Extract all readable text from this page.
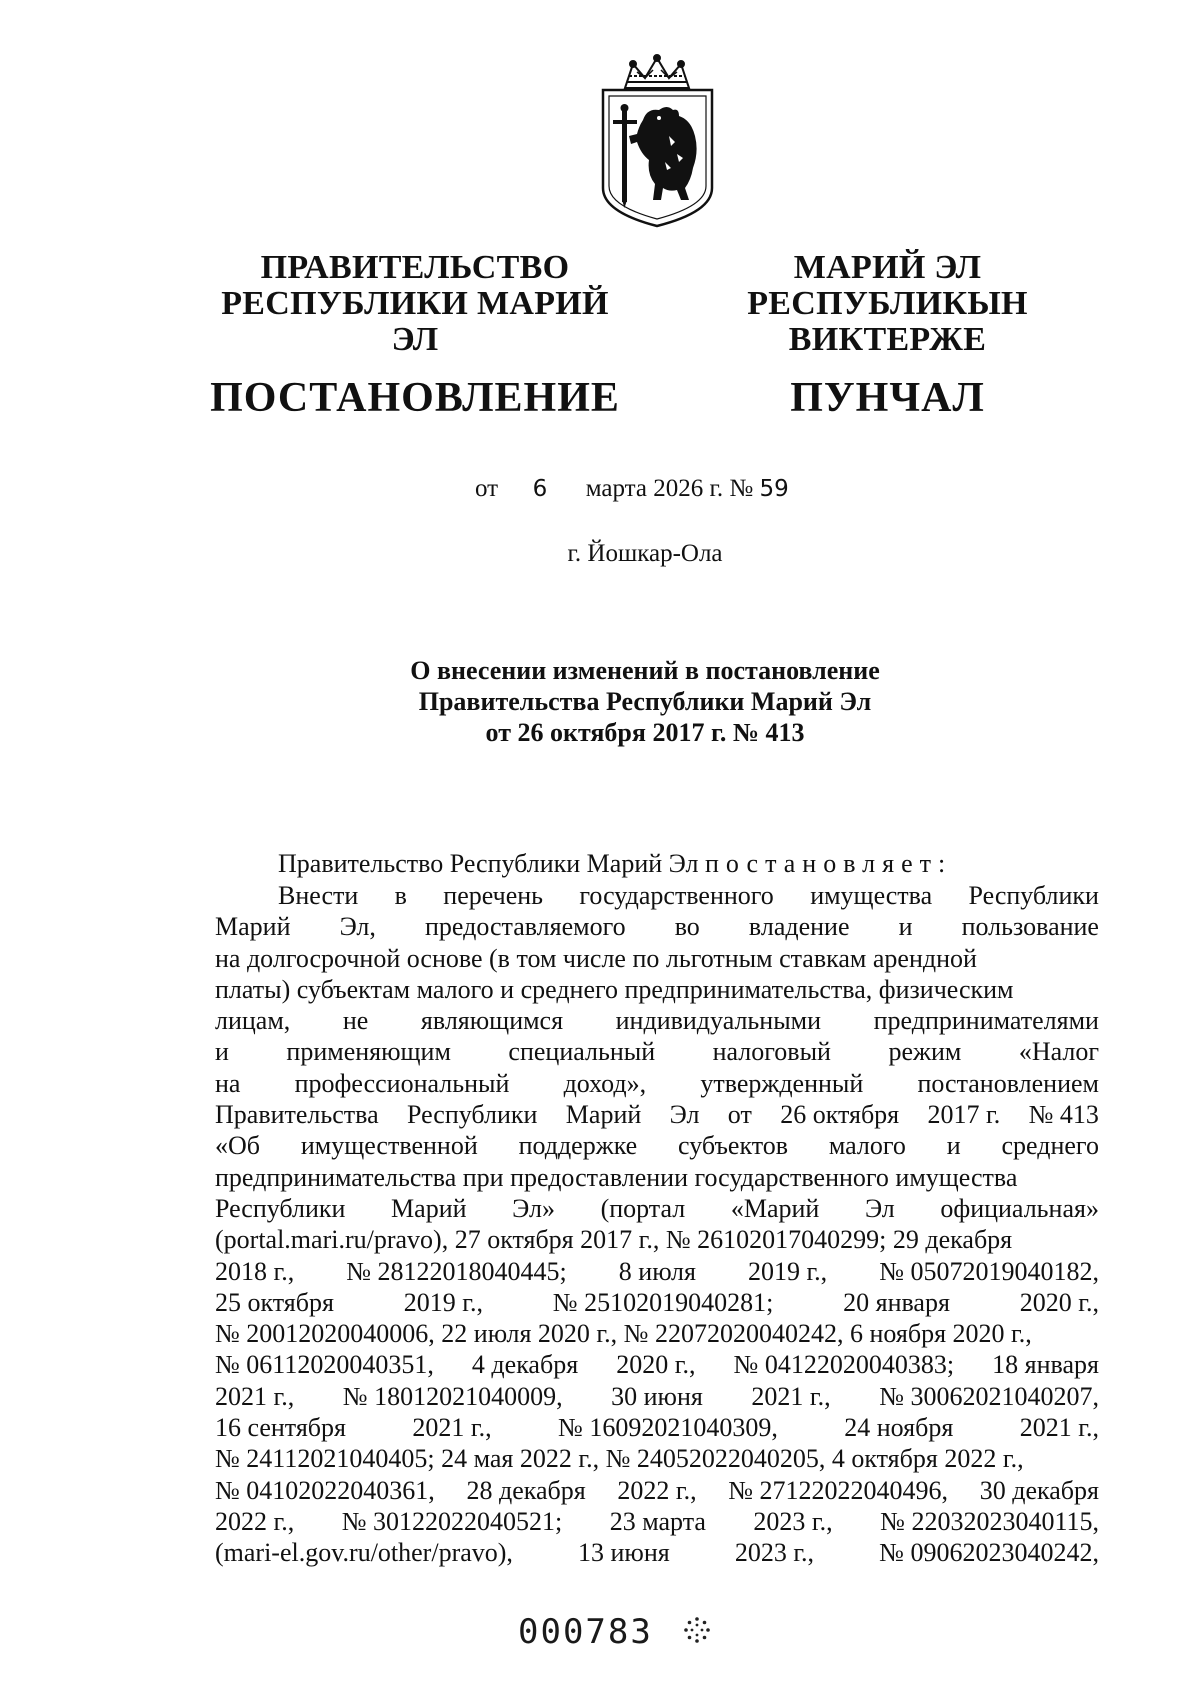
ПРАВИТЕЛЬСТВО
РЕСПУБЛИКИ МАРИЙ ЭЛ
ПОСТАНОВЛЕНИЕ
МАРИЙ ЭЛ РЕСПУБЛИКЫН
ВИКТЕРЖЕ
ПУНЧАЛ
от 6 марта 2026 г. № 59
г. Йошкар-Ола
О внесении изменений в постановление
Правительства Республики Марий Эл
от 26 октября 2017 г. № 413
Правительство Республики Марий Эл постановляет:
Внести в перечень государственного имущества Республики
Марий Эл, предоставляемого во владение и пользование
на долгосрочной основе (в том числе по льготным ставкам арендной
платы) субъектам малого и среднего предпринимательства, физическим
лицам, не являющимся индивидуальными предпринимателями
и применяющим специальный налоговый режим «Налог
на профессиональный доход», утвержденный постановлением
Правительства Республики Марий Эл от 26 октября 2017 г. № 413
«Об имущественной поддержке субъектов малого и среднего
предпринимательства при предоставлении государственного имущества
Республики Марий Эл» (портал «Марий Эл официальная»
(portal.mari.ru/pravo), 27 октября 2017 г., № 26102017040299; 29 декабря
2018 г., № 28122018040445; 8 июля 2019 г., № 05072019040182,
25 октября	2019 г.,	№ 25102019040281;	20 января	2020 г.,
№ 20012020040006, 22 июля 2020 г., № 22072020040242, 6 ноября 2020 г.,
№ 06112020040351, 4 декабря 2020 г., № 04122020040383; 18 января
2021 г., № 18012021040009, 30 июня 2021 г., № 30062021040207,
16 сентября	2021 г.,	№ 16092021040309,	24 ноября	2021 г.,
№ 24112021040405; 24 мая 2022 г., № 24052022040205, 4 октября 2022 г.,
№ 04102022040361, 28 декабря 2022 г., № 27122022040496, 30 декабря
2022 г., № 30122022040521; 23 марта 2023 г., № 22032023040115,
(mari-el.gov.ru/other/pravo),	13 июня	2023 г.,	№ 09062023040242,
000783
